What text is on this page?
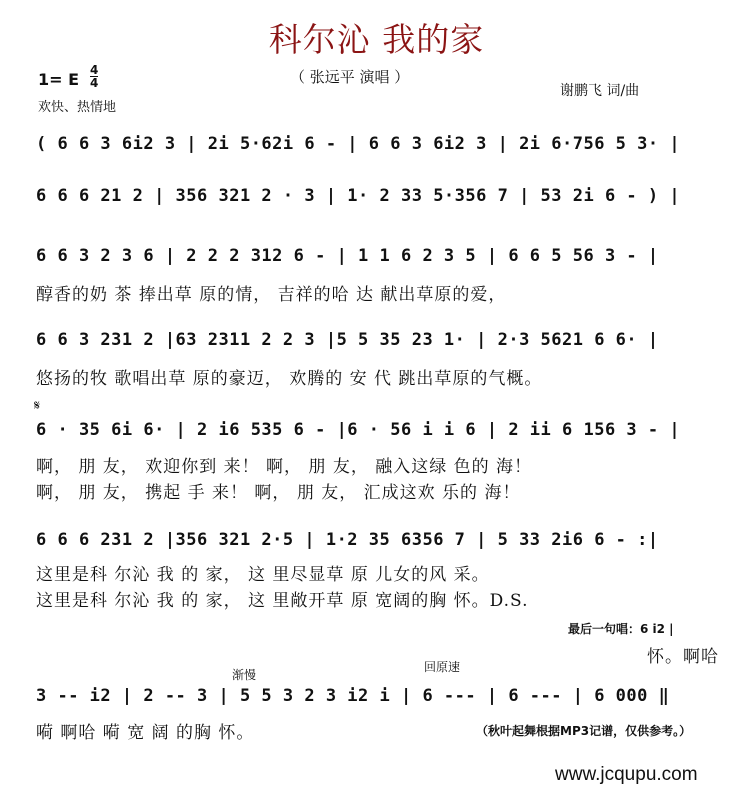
科尔沁 我的家
1= E $\frac{4}{4}$
欢快、热情地
（ 张远平 演唱 ）
谢鹏飞 词/曲
( 6 6 3 6i2 3 | 2i 5·62i 6 - | 6 6 3 6i2 3 | 2i 6·756 5 3· |
6 6 6 21 2 | 356 321 2 · 3 | 1· 2 33 5·356 7 | 53 2i 6 - ) |
6 6 3 2 3 6 | 2 2 2 312 6 - | 1 1 6 2 3 5 | 6 6 5 56 3 - |
醇香的奶 茶 捧出草 原的情， 吉祥的哈 达 献出草原的爱，
6 6 3 231 2 |63 2311 2 2 3 |5 5 35 23 1· | 2·3 5621 6 6· |
悠扬的牧 歌唱出草 原的豪迈， 欢腾的 安 代 跳出草原的气概。
𝄋
6 · 35 6i 6· | 2 i6 535 6 - |6 · 56 i i 6 | 2 ii 6 156 3 - |
啊， 朋 友， 欢迎你到 来！ 啊， 朋 友， 融入这绿 色的 海！
啊， 朋 友， 携起 手 来！ 啊， 朋 友， 汇成这欢 乐的 海！
6 6 6 231 2 |356 321 2·5 | 1·2 35 6356 7 | 5 33 2i6 6 - :|
这里是科 尔沁 我 的 家， 这 里尽显草 原 儿女的风 采。
这里是科 尔沁 我 的 家， 这 里敞开草 原 宽阔的胸 怀。D.S.
最后一句唱：6 i2 |
怀。啊哈
渐慢
回原速
3 -- i2 | 2 -- 3 | 5 5 3 2 3 i2 i | 6 --- | 6 --- | 6 000 ‖
嗬 啊哈 嗬 宽 阔 的胸 怀。	（秋叶起舞根据MP3记谱，仅供参考。）
www.jcqupu.com
